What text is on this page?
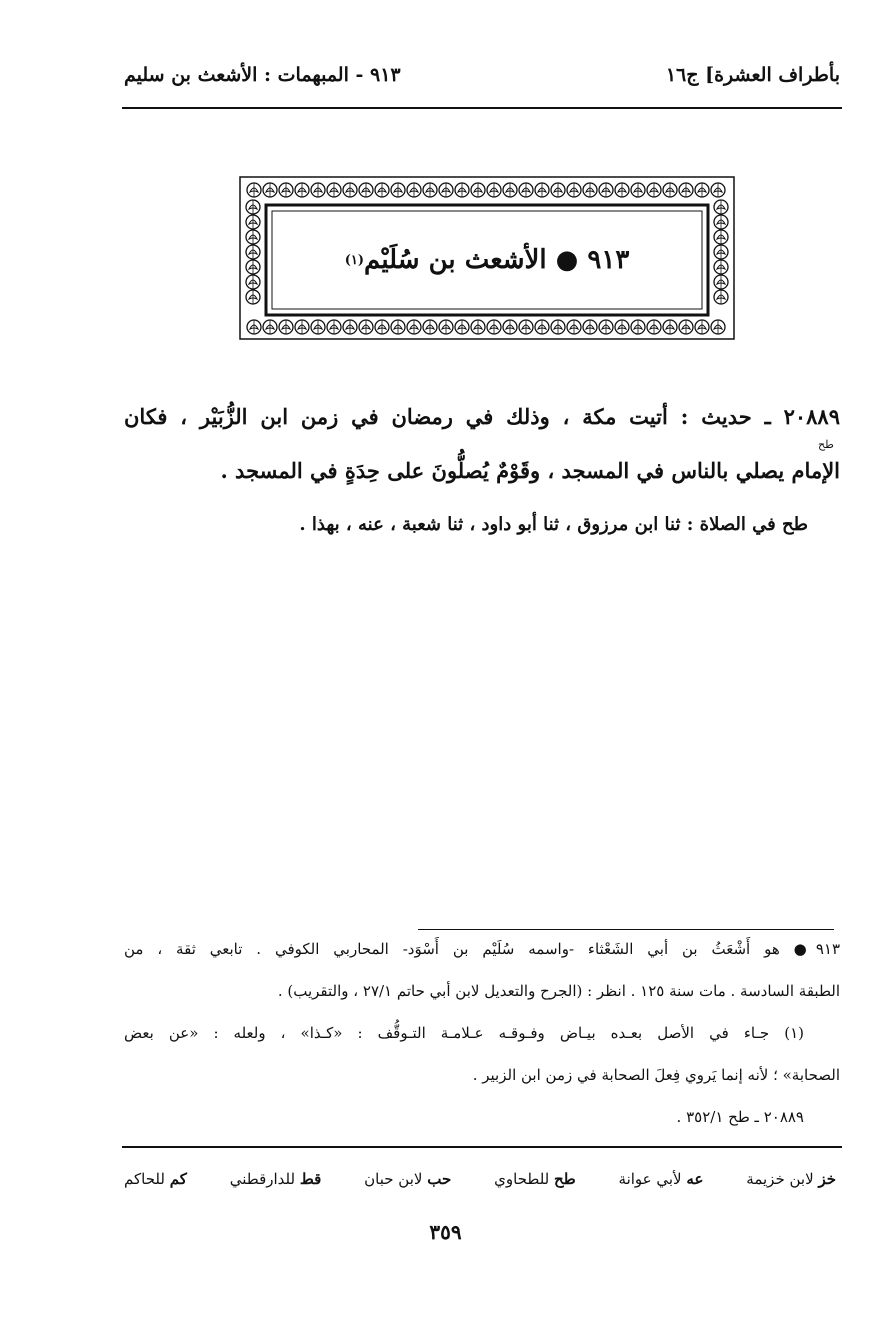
بأطراف العشرة] ج١٦
٩١٣ - المبهمات : الأشعث بن سليم
٩١٣ ● الأشعث بن سُلَيْم
(١)
٢٠٨٨٩ ـ حديث : أتيت مكة ، وذلك في رمضان في زمن ابن الزُّبَيْر ، فكان
طح
الإمام يصلي بالناس في المسجد ، وقَوْمٌ يُصلُّونَ على حِدَةٍ في المسجد .
طح في الصلاة : ثنا ابن مرزوق ، ثنا أبو داود ، ثنا شعبة ، عنه ، بهذا .
٩١٣● هو أَشْعَثُ بن أبي الشَعْثاء -واسمه سُلَيْم بن أَسْوَد- المحاربي الكوفي . تابعي ثقة ، من
الطبقة السادسة . مات سنة ١٢٥ . انظر : (الجرح والتعديل لابن أبي حاتم ٢٧/١ ، والتقريب) .
(١) جـاء في الأصل بعـده بيـاض وفـوقـه عـلامـة التـوقُّف : «كـذا» ، ولعله : «عن بعض
الصحابة» ؛ لأنه إنما يَروي فِعلَ الصحابة في زمن ابن الزبير .
٢٠٨٨٩ ـ طح ٣٥٢/١ .
خز لابن خزيمة
عه لأبي عوانة
طح للطحاوي
حب لابن حبان
قط للدارقطني
كم للحاكم
٣٥٩
